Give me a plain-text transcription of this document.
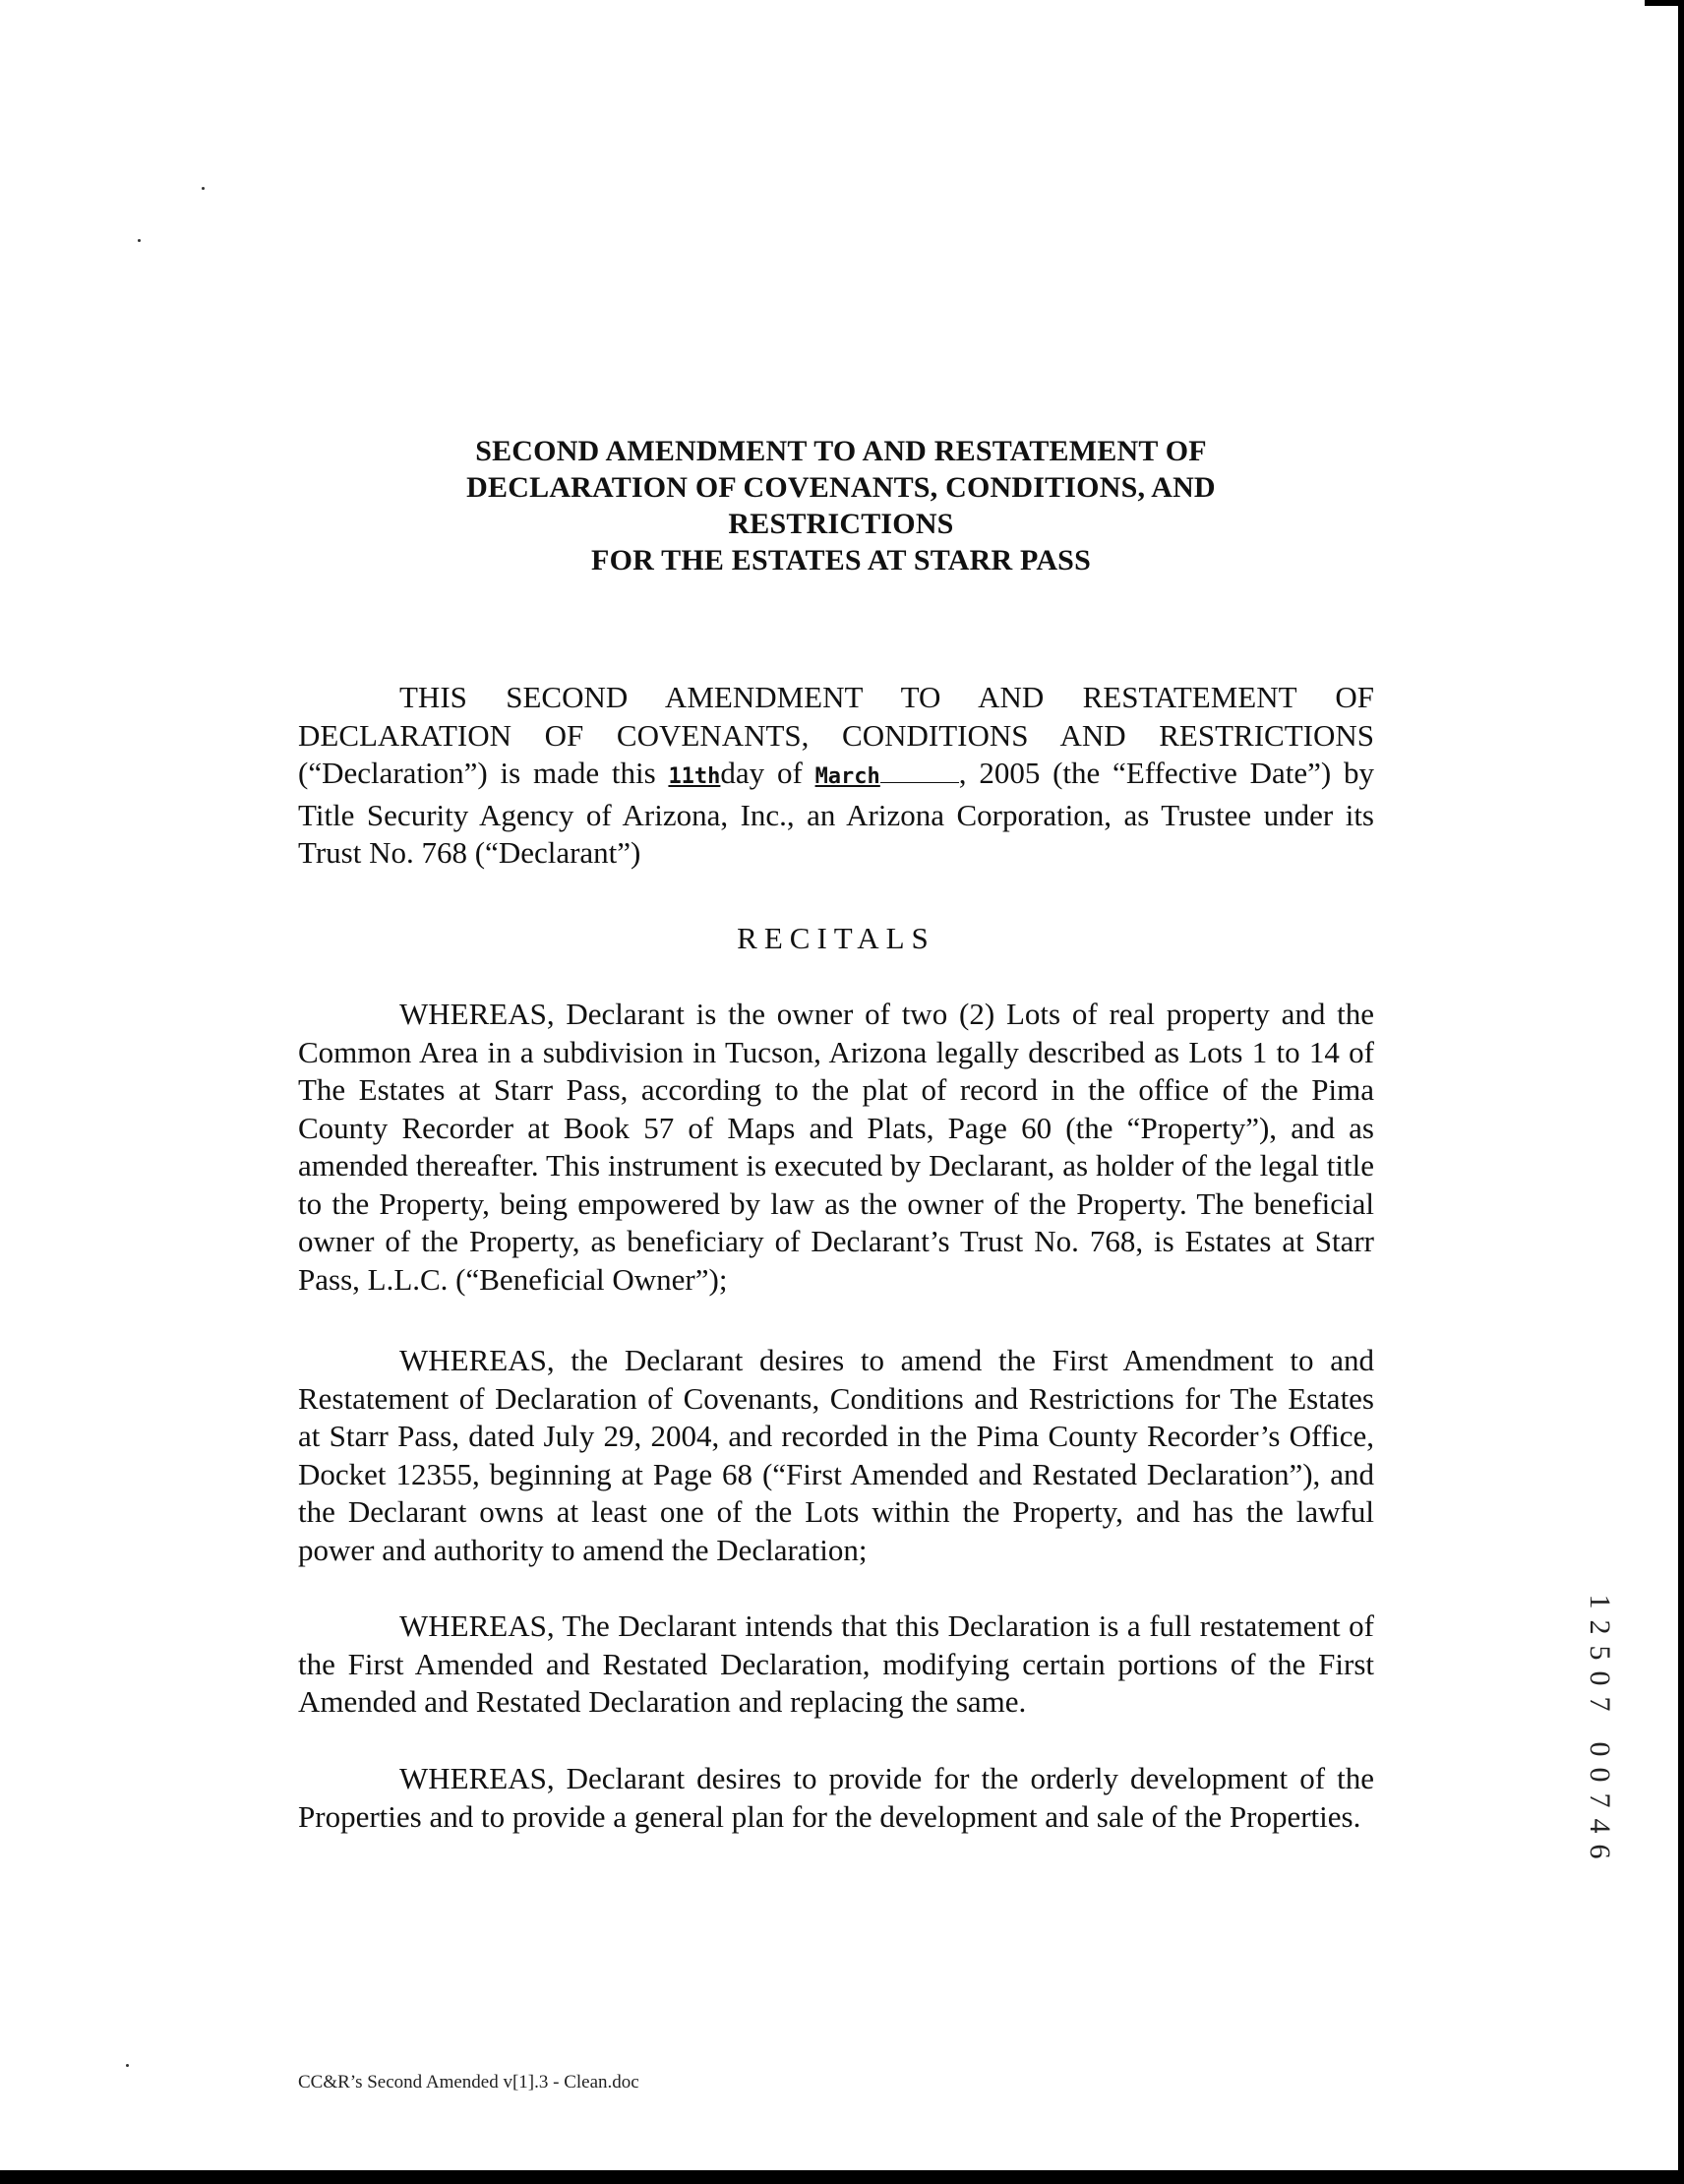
SECOND AMENDMENT TO AND RESTATEMENT OF
DECLARATION OF COVENANTS, CONDITIONS, AND
RESTRICTIONS
FOR THE ESTATES AT STARR PASS

THIS SECOND AMENDMENT TO AND RESTATEMENT OF DECLARATION OF COVENANTS, CONDITIONS AND RESTRICTIONS (“Declaration”) is made this 11thday of March	, 2005 (the “Effective Date”) by Title Security Agency of Arizona, Inc., an Arizona Corporation, as Trustee under its Trust No. 768 (“Declarant”)

RECITALS

WHEREAS, Declarant is the owner of two (2) Lots of real property and the Common Area in a subdivision in Tucson, Arizona legally described as Lots 1 to 14 of The Estates at Starr Pass, according to the plat of record in the office of the Pima County Recorder at Book 57 of Maps and Plats, Page 60 (the “Property”), and as amended thereafter. This instrument is executed by Declarant, as holder of the legal title to the Property, being empowered by law as the owner of the Property. The beneficial owner of the Property, as beneficiary of Declarant’s Trust No. 768, is Estates at Starr Pass, L.L.C. (“Beneficial Owner”);

WHEREAS, the Declarant desires to amend the First Amendment to and Restatement of Declaration of Covenants, Conditions and Restrictions for The Estates at Starr Pass, dated July 29, 2004, and recorded in the Pima County Recorder’s Office, Docket 12355, beginning at Page 68 (“First Amended and Restated Declaration”), and the Declarant owns at least one of the Lots within the Property, and has the lawful power and authority to amend the Declaration;

WHEREAS, The Declarant intends that this Declaration is a full restatement of the First Amended and Restated Declaration, modifying certain portions of the First Amended and Restated Declaration and replacing the same.

WHEREAS, Declarant desires to provide for the orderly development of the Properties and to provide a general plan for the development and sale of the Properties.

1
2
5
0
7
0
0
7
4
6
CC&R’s Second Amended v[1].3 - Clean.doc
